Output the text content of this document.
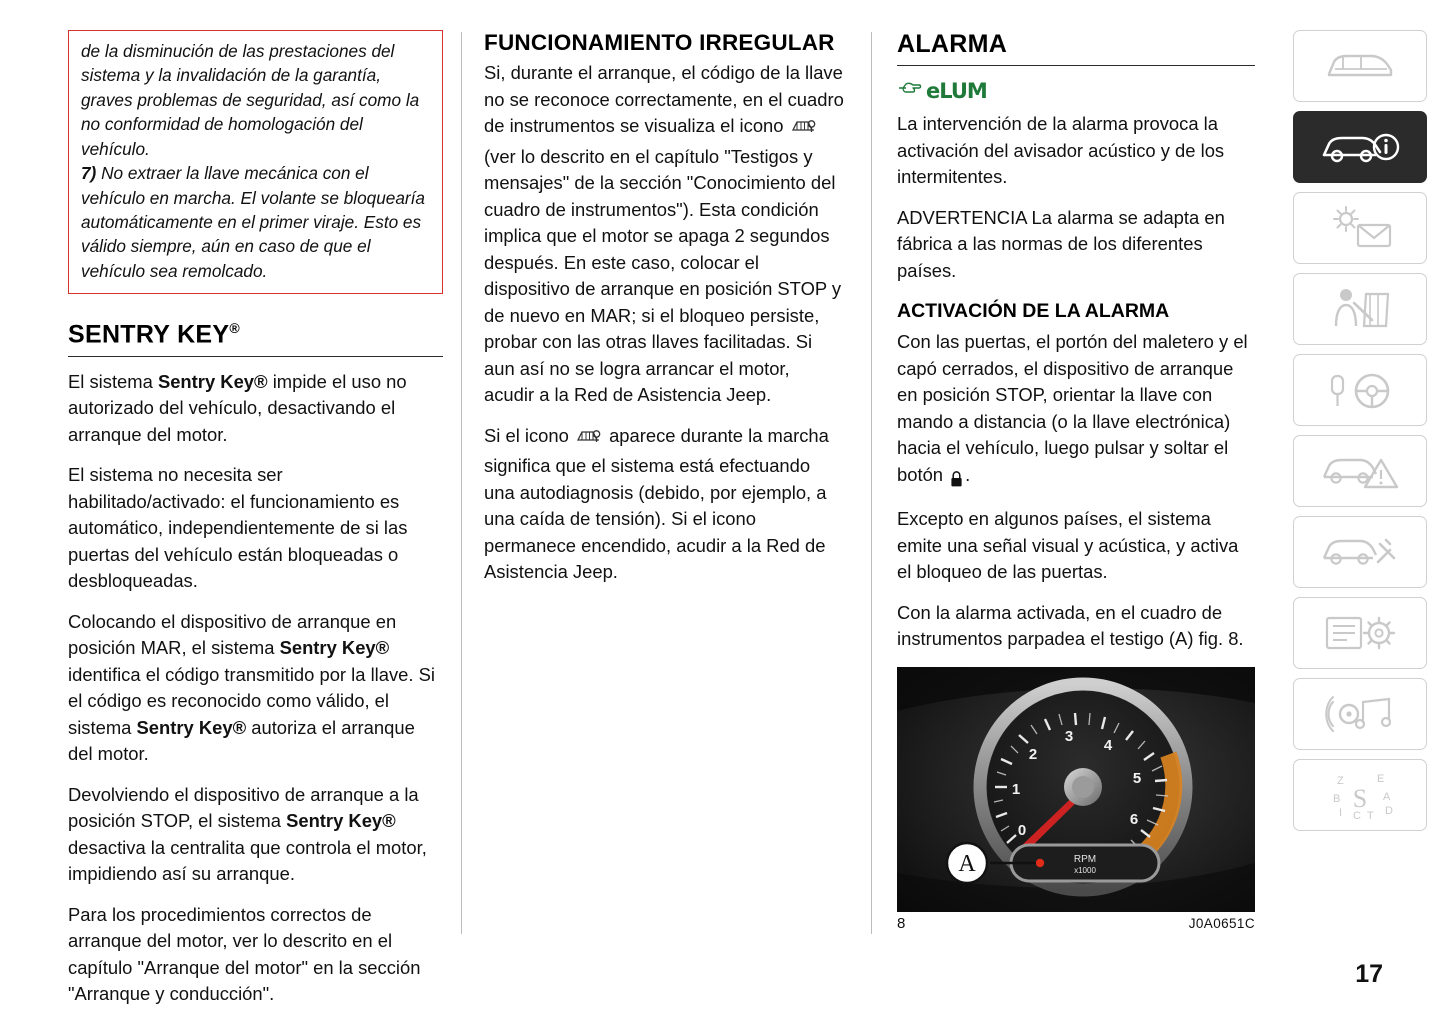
de la disminución de las prestaciones del sistema y la invalidación de la garantía, graves problemas de seguridad, así como la no conformidad de homologación del vehículo.

7) No extraer la llave mecánica con el vehículo en marcha. El volante se bloquearía automáticamente en el primer viraje. Esto es válido siempre, aún en caso de que el vehículo sea remolcado.

SENTRY KEY®

El sistema Sentry Key® impide el uso no autorizado del vehículo, desactivando el arranque del motor.

El sistema no necesita ser habilitado/activado: el funcionamiento es automático, independientemente de si las puertas del vehículo están bloqueadas o desbloqueadas.

Colocando el dispositivo de arranque en posición MAR, el sistema Sentry Key® identifica el código transmitido por la llave. Si el código es reconocido como válido, el sistema Sentry Key® autoriza el arranque del motor.

Devolviendo el dispositivo de arranque a la posición STOP, el sistema Sentry Key® desactiva la centralita que controla el motor, impidiendo así su arranque.

Para los procedimientos correctos de arranque del motor, ver lo descrito en el capítulo "Arranque del motor" en la sección "Arranque y conducción".

FUNCIONAMIENTO IRREGULAR

Si, durante el arranque, el código de la llave no se reconoce correctamente, en el cuadro de instrumentos se visualiza el icono  (ver lo descrito en el capítulo "Testigos y mensajes" de la sección "Conocimiento del cuadro de instrumentos"). Esta condición implica que el motor se apaga 2 segundos después. En este caso, colocar el dispositivo de arranque en posición STOP y de nuevo en MAR; si el bloqueo persiste, probar con las otras llaves facilitadas. Si aun así no se logra arrancar el motor, acudir a la Red de Asistencia Jeep.

Si el icono  aparece durante la marcha significa que el sistema está efectuando una autodiagnosis (debido, por ejemplo, a una caída de tensión). Si el icono permanece encendido, acudir a la Red de Asistencia Jeep.

ALARMA
eLUM

La intervención de la alarma provoca la activación del avisador acústico y de los intermitentes.

ADVERTENCIA La alarma se adapta en fábrica a las normas de los diferentes países.

ACTIVACIÓN DE LA ALARMA

Con las puertas, el portón del maletero y el capó cerrados, el dispositivo de arranque en posición STOP, orientar la llave con mando a distancia (o la llave electrónica) hacia el vehículo, luego pulsar y soltar el botón .

Excepto en algunos países, el sistema emite una señal visual y acústica, y activa el bloqueo de las puertas.

Con la alarma activada, en el cuadro de instrumentos parpadea el testigo (A) fig. 8.

0
1
2
3
4
5
6
RPM
x1000
A
8	J0A0651C
Z	E
B	A
I C T D
S
17
